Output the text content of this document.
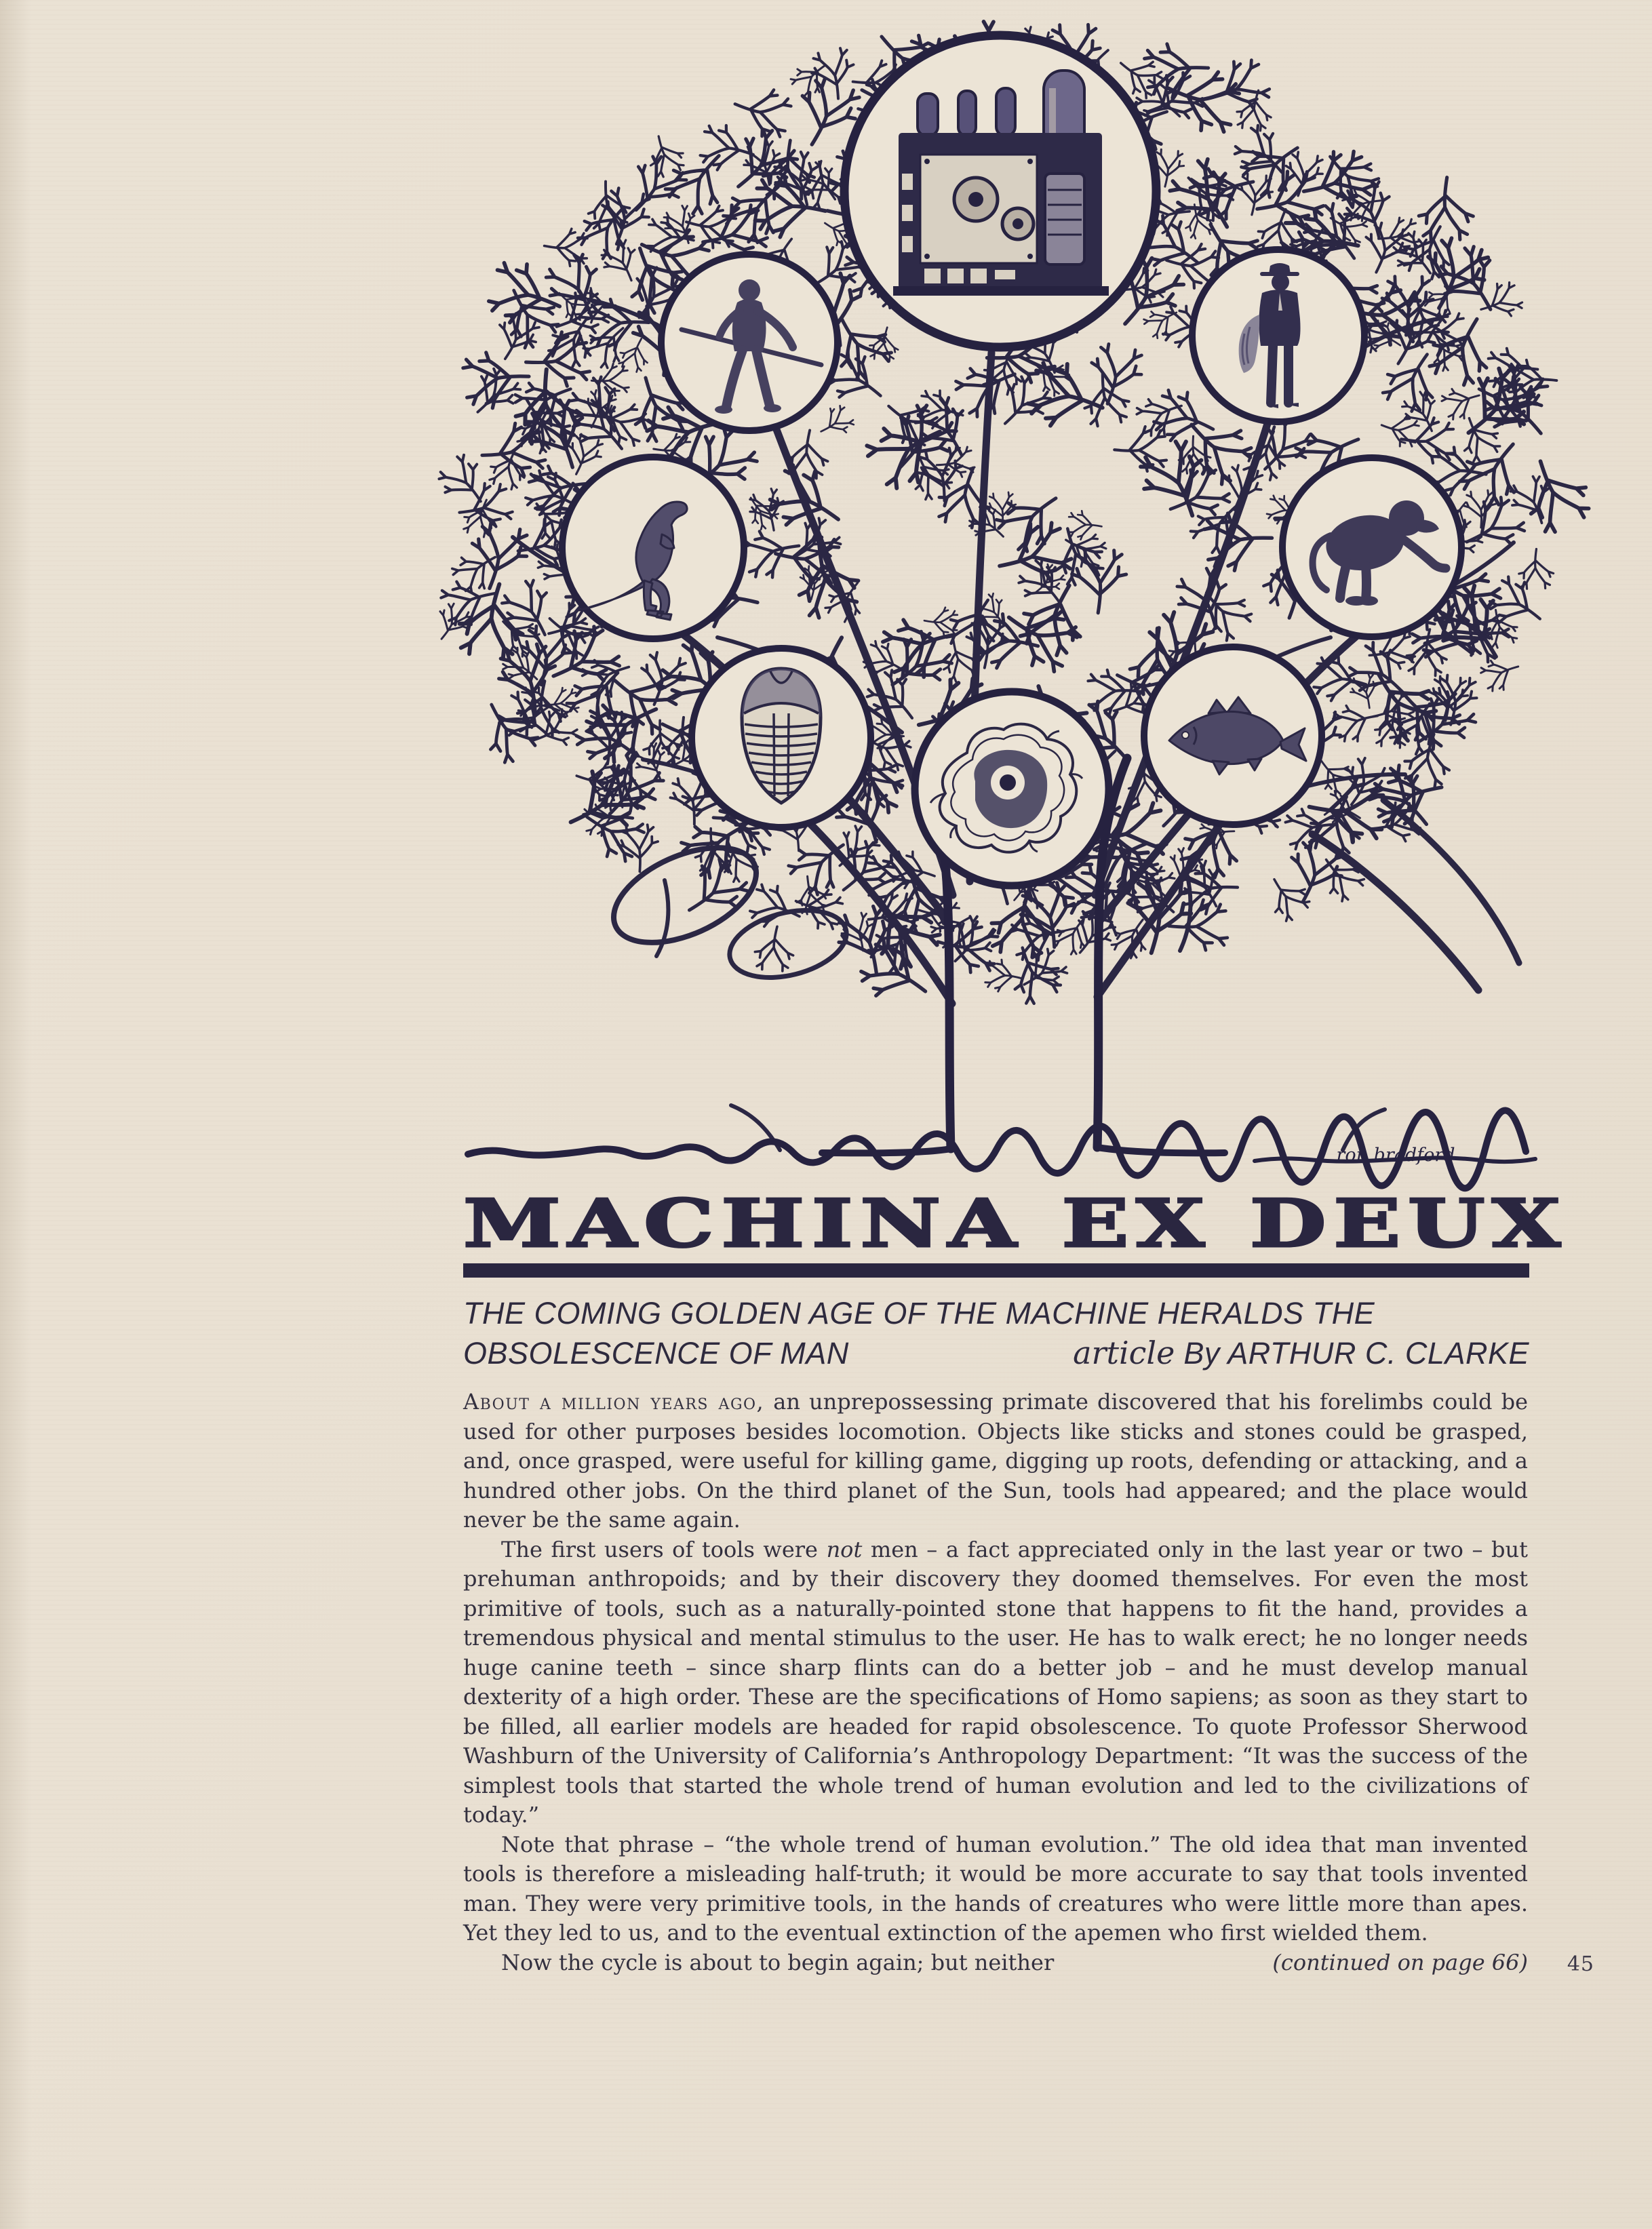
ron bradford
MACHINA EX DEUX
THE COMING GOLDEN AGE OF THE MACHINE HERALDS THE
OBSOLESCENCE OF MAN	article By ARTHUR C. CLARKE

About a million years ago, an unprepossessing primate discovered that his forelimbs could be used for other purposes besides locomotion. Objects like sticks and stones could be grasped, and, once grasped, were useful for killing game, digging up roots, defending or attacking, and a hundred other jobs. On the third planet of the Sun, tools had appeared; and the place would never be the same again.

The first users of tools were not men – a fact appreciated only in the last year or two – but prehuman anthropoids; and by their discovery they doomed themselves. For even the most primitive of tools, such as a naturally-pointed stone that happens to fit the hand, provides a tremendous physical and mental stimulus to the user. He has to walk erect; he no longer needs huge canine teeth – since sharp flints can do a better job – and he must develop manual dexterity of a high order. These are the specifications of Homo sapiens; as soon as they start to be filled, all earlier models are headed for rapid obsolescence. To quote Professor Sherwood Washburn of the University of California’s Anthropology Department: “It was the success of the simplest tools that started the whole trend of human evolution and led to the civilizations of today.”

Note that phrase – “the whole trend of human evolution.” The old idea that man invented tools is therefore a misleading half-truth; it would be more accurate to say that tools invented man. They were very primitive tools, in the hands of creatures who were little more than apes. Yet they led to us, and to the eventual extinction of the apemen who first wielded them.

Now the cycle is about to begin again; but neither	(continued on page 66) 45
